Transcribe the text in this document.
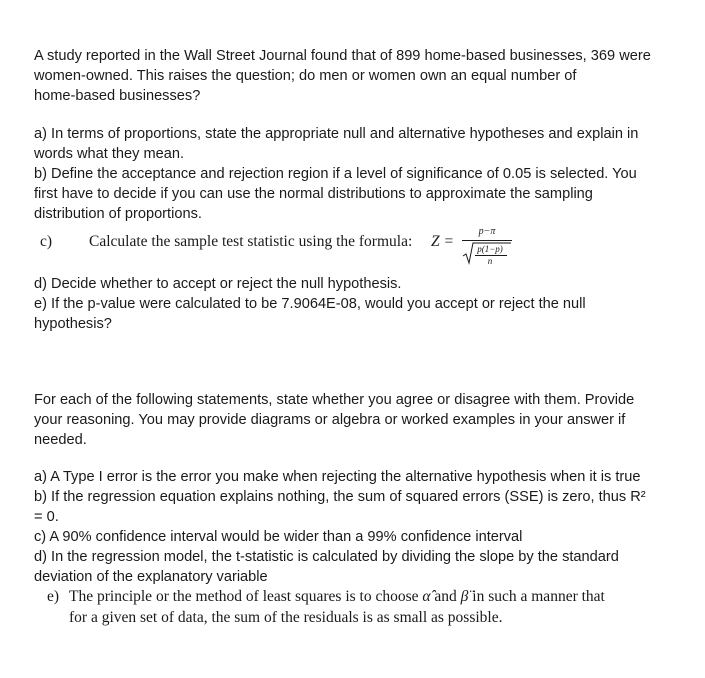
A study reported in the Wall Street Journal found that of 899 home-based businesses, 369 were
women-owned. This raises the question; do men or women own an equal number of
home-based businesses?
a) In terms of proportions, state the appropriate null and alternative hypotheses and explain in
words what they mean.
b) Define the acceptance and rejection region if a level of significance of 0.05 is selected. You
first have to decide if you can use the normal distributions to approximate the sampling
distribution of proportions.
c) Calculate the sample test statistic using the formula: Z =
p−π
p(1−p)
n
d) Decide whether to accept or reject the null hypothesis.
e) If the p-value were calculated to be 7.9064E-08, would you accept or reject the null
hypothesis?
For each of the following statements, state whether you agree or disagree with them. Provide
your reasoning. You may provide diagrams or algebra or worked examples in your answer if
needed.
a) A Type I error is the error you make when rejecting the alternative hypothesis when it is true
b) If the regression equation explains nothing, the sum of squared errors (SSE) is zero, thus R²
= 0.
c) A 90% confidence interval would be wider than a 99% confidence interval
d) In the regression model, the t-statistic is calculated by dividing the slope by the standard
deviation of the explanatory variable
e) The principle or the method of least squares is to choose α̂ and β̈ in such a manner that
for a given set of data, the sum of the residuals is as small as possible.
